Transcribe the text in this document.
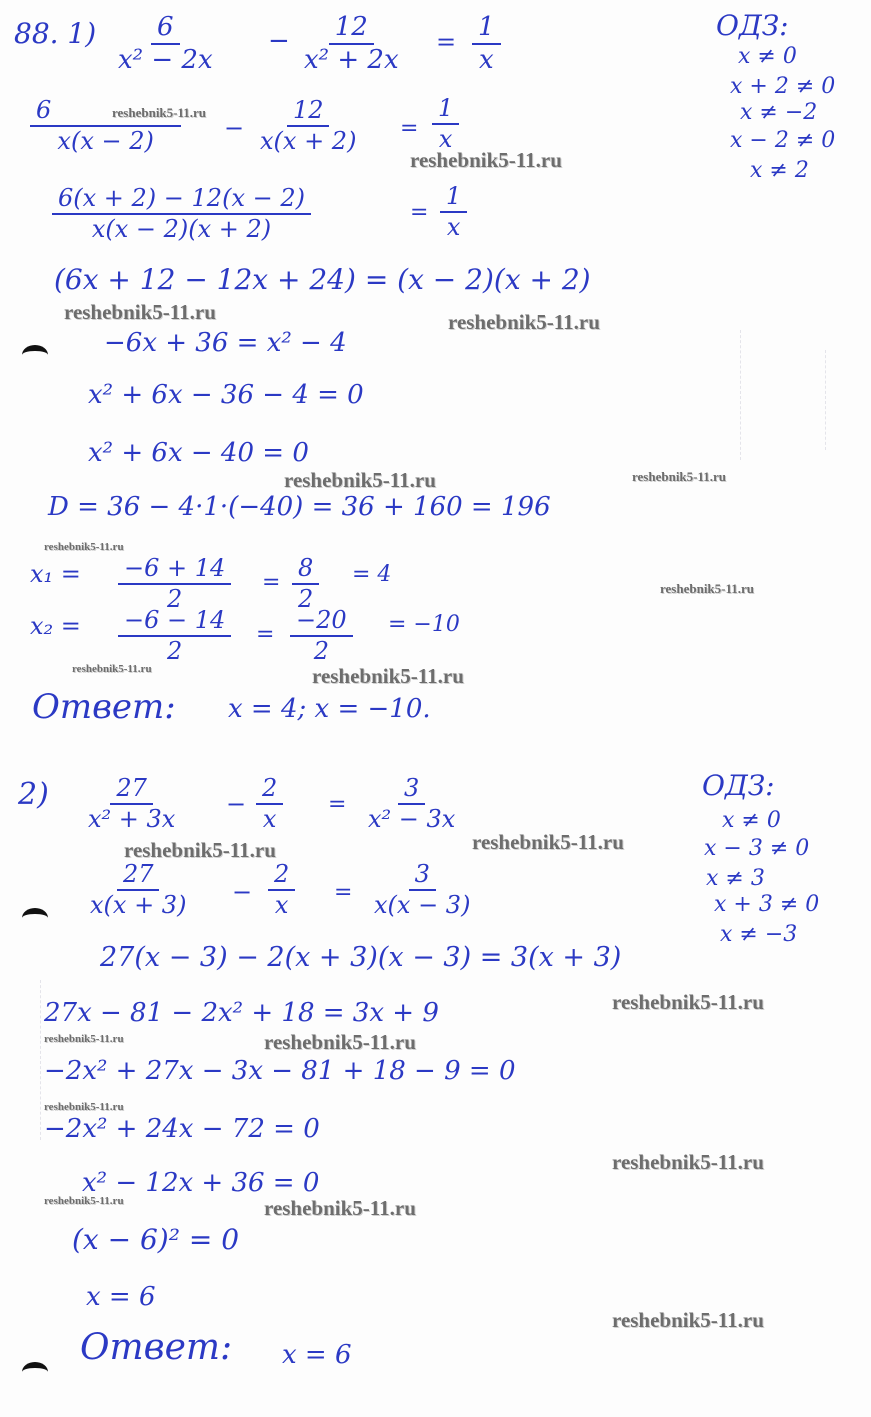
88. $1) \frac{6}{\text{x² − 2x}} - \frac{12}{\text{x² + 2x}} = \frac{1}{x}$	ОДЗ:
x ≠ 0
x + 2 ≠ 0
x ≠ −2
x − 2 ≠ 0
x ≠ 2
$\frac{6}{x(x - 2)} - \frac{12}{x(x + 2)} = \frac{1}{x}$
$\frac{6(x + 2) - 12(x - 2)}{x(x - 2)(x + 2)}$	= $\frac{1}{x}$
(6x + 12 − 12x + 24) = (x − 2)(x + 2)
−6x + 36 = x² − 4
x² + 6x − 36 − 4 = 0
x² + 6x − 40 = 0
D = 36 − 4·1·(−40) = 36 + 160 = 196
$x_1 = \frac{-6 + 14}{2} = \frac{8}{2} = 4$
$x_2 = \frac{-6 - 14}{2} = \frac{-20}{2} = -10$
Ответ: x = 4; x = −10.
$2) \frac{27}{\text{x² + 3x}} - \frac{2}{x} = \frac{3}{\text{x² − 3x}}$	ОДЗ:
x ≠ 0
x − 3 ≠ 0
x ≠ 3
x + 3 ≠ 0
x ≠ −3
$\frac{27}{x(x + 3)} - \frac{2}{x} = \frac{3}{x(x - 3)}$
27(x − 3) − 2(x + 3)(x − 3) = 3(x + 3)
27x − 81 − 2x² + 18 = 3x + 9
−2x² + 27x − 3x − 81 + 18 − 9 = 0
−2x² + 24x − 72 = 0
x² − 12x + 36 = 0
(x − 6)² = 0
x = 6
Ответ: x = 6
reshebnik5-11.ru
reshebnik5-11.ru
reshebnik5-11.ru	reshebnik5-11.ru
reshebnik5-11.ru	reshebnik5-11.ru
reshebnik5-11.ru
reshebnik5-11.ru
reshebnik5-11.ru	reshebnik5-11.ru
reshebnik5-11.ru	reshebnik5-11.ru
reshebnik5-11.ru
reshebnik5-11.ru	reshebnik5-11.ru
reshebnik5-11.ru
reshebnik5-11.ru
reshebnik5-11.ru	reshebnik5-11.ru
reshebnik5-11.ru
